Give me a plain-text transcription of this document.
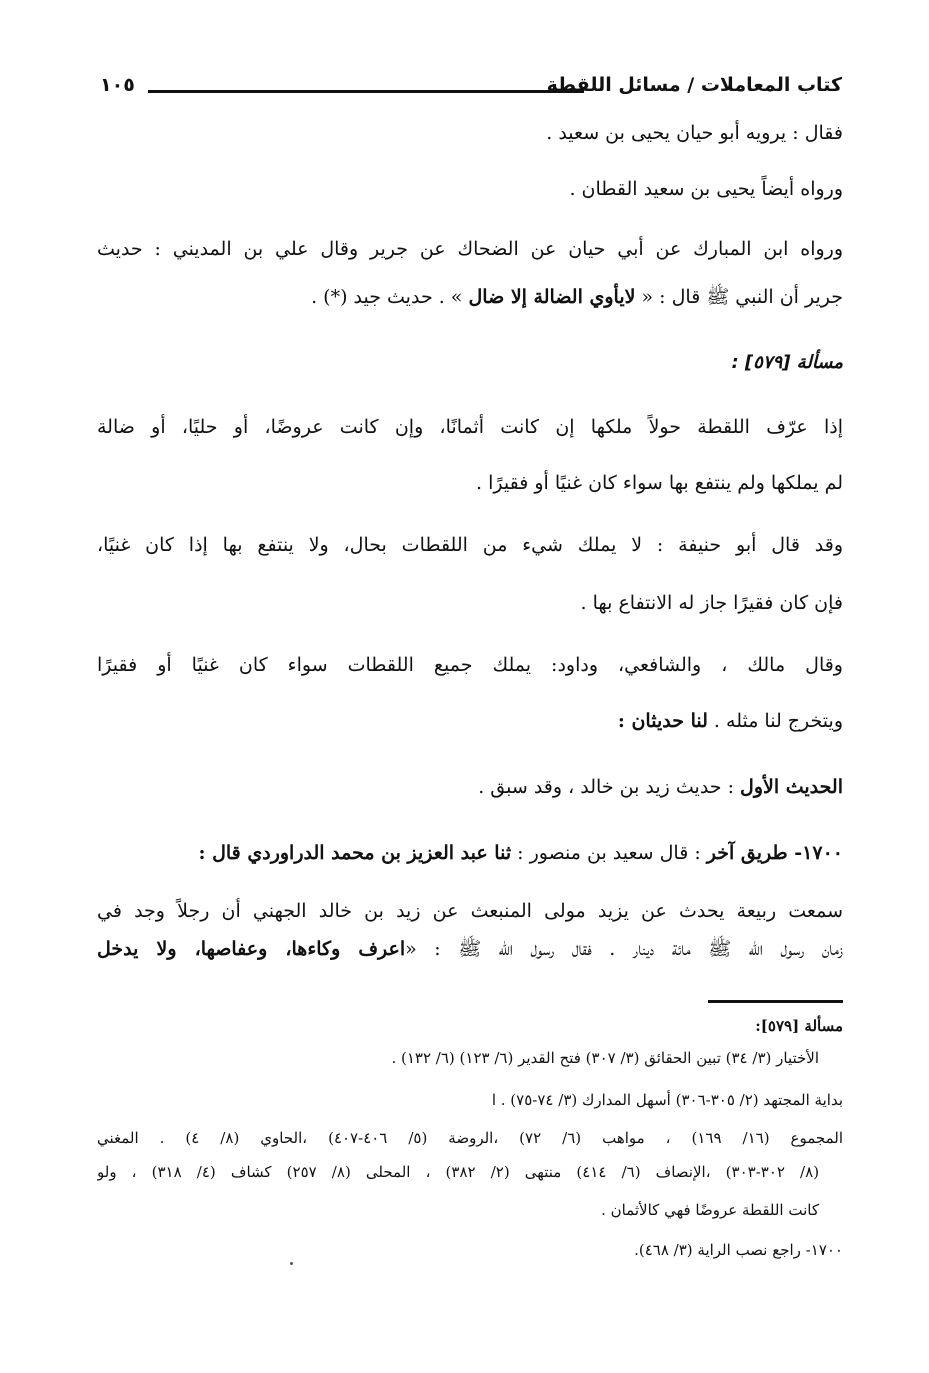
كتاب المعاملات / مسائل اللقطة
١٠٥
فقال : يرويه أبو حيان يحيى بن سعيد .
ورواه أيضاً يحيى بن سعيد القطان .
ورواه ابن المبارك عن أبي حيان عن الضحاك عن جرير وقال علي بن المديني : حديث
جرير أن النبي ﷺ قال : « لايأوي الضالة إلا ضال » . حديث جيد (*) .
مسألة [٥٧٩] :
إذا عرّف اللقطة حولاً ملكها إن كانت أثمانًا، وإن كانت عروضًا، أو حليًا، أو ضالة
لم يملكها ولم ينتفع بها سواء كان غنيًا أو فقيرًا .
وقد قال أبو حنيفة : لا يملك شيء من اللقطات بحال، ولا ينتفع بها إذا كان غنيًا،
فإن كان فقيرًا جاز له الانتفاع بها .
وقال مالك ، والشافعي، وداود: يملك جميع اللقطات سواء كان غنيًا أو فقيرًا
ويتخرج لنا مثله . لنا حديثان :
الحديث الأول : حديث زيد بن خالد ، وقد سبق .
١٧٠٠- طريق آخر : قال سعيد بن منصور : ثنا عبد العزيز بن محمد الدراوردي قال :
سمعت ربيعة يحدث عن يزيد مولى المنبعث عن زيد بن خالد الجهني أن رجلاً وجد في
زمان رسول الله ﷺ مائة دينار . فقال رسول الله ﷺ : «اعرف وكاءها، وعفاصها، ولا يدخل
مسألة [٥٧٩]:
الأختيار (٣/ ٣٤) تبين الحقائق (٣/ ٣٠٧) فتح القدير (٦/ ١٢٣) (٦/ ١٣٢) .
بداية المجتهد (٢/ ٣٠٥-٣٠٦) أسهل المدارك (٣/ ٧٤-٧٥) . ا
المجموع (١٦/ ١٦٩) ، مواهب (٦/ ٧٢) ،الروضة (٥/ ٤٠٦-٤٠٧) ،الحاوي (٨/ ٤) . المغني
(٨/ ٣٠٢-٣٠٣) ،الإنصاف (٦/ ٤١٤) منتهى (٢/ ٣٨٢) ، المحلى (٨/ ٢٥٧) كشاف (٤/ ٣١٨) ، ولو
كانت اللقطة عروضًا فهي كالأثمان .
١٧٠٠- راجع نصب الراية (٣/ ٤٦٨).
